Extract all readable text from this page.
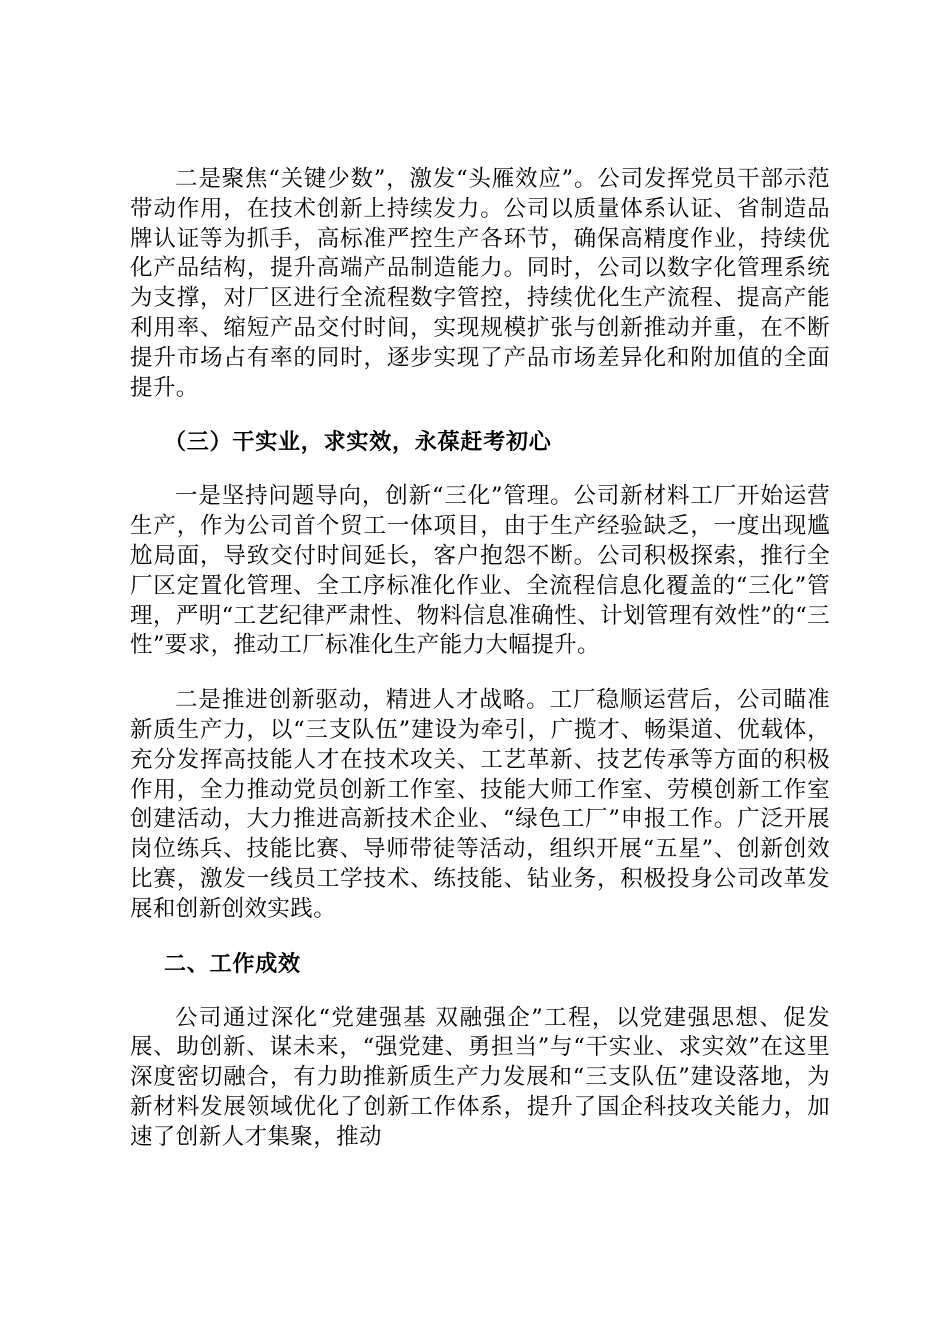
二是聚焦“关键少数”，激发“头雁效应”。公司发挥党员干部示范带动作用，在技术创新上持续发力。公司以质量体系认证、省制造品牌认证等为抓手，高标准严控生产各环节，确保高精度作业，持续优化产品结构，提升高端产品制造能力。同时，公司以数字化管理系统为支撑，对厂区进行全流程数字管控，持续优化生产流程、提高产能利用率、缩短产品交付时间，实现规模扩张与创新推动并重，在不断提升市场占有率的同时，逐步实现了产品市场差异化和附加值的全面提升。

（三）干实业，求实效，永葆赶考初心

一是坚持问题导向，创新“三化”管理。公司新材料工厂开始运营生产，作为公司首个贸工一体项目，由于生产经验缺乏，一度出现尴尬局面，导致交付时间延长，客户抱怨不断。公司积极探索，推行全厂区定置化管理、全工序标准化作业、全流程信息化覆盖的“三化”管理，严明“工艺纪律严肃性、物料信息准确性、计划管理有效性”的“三性”要求，推动工厂标准化生产能力大幅提升。

二是推进创新驱动，精进人才战略。工厂稳顺运营后，公司瞄准新质生产力，以“三支队伍”建设为牵引，广揽才、畅渠道、优载体，充分发挥高技能人才在技术攻关、工艺革新、技艺传承等方面的积极作用，全力推动党员创新工作室、技能大师工作室、劳模创新工作室创建活动，大力推进高新技术企业、“绿色工厂”申报工作。广泛开展岗位练兵、技能比赛、导师带徒等活动，组织开展“五星”、创新创效比赛，激发一线员工学技术、练技能、钻业务，积极投身公司改革发展和创新创效实践。

二、工作成效

公司通过深化“党建强基 双融强企”工程，以党建强思想、促发展、助创新、谋未来，“强党建、勇担当”与“干实业、求实效”在这里深度密切融合，有力助推新质生产力发展和“三支队伍”建设落地，为新材料发展领域优化了创新工作体系，提升了国企科技攻关能力，加速了创新人才集聚，推动
